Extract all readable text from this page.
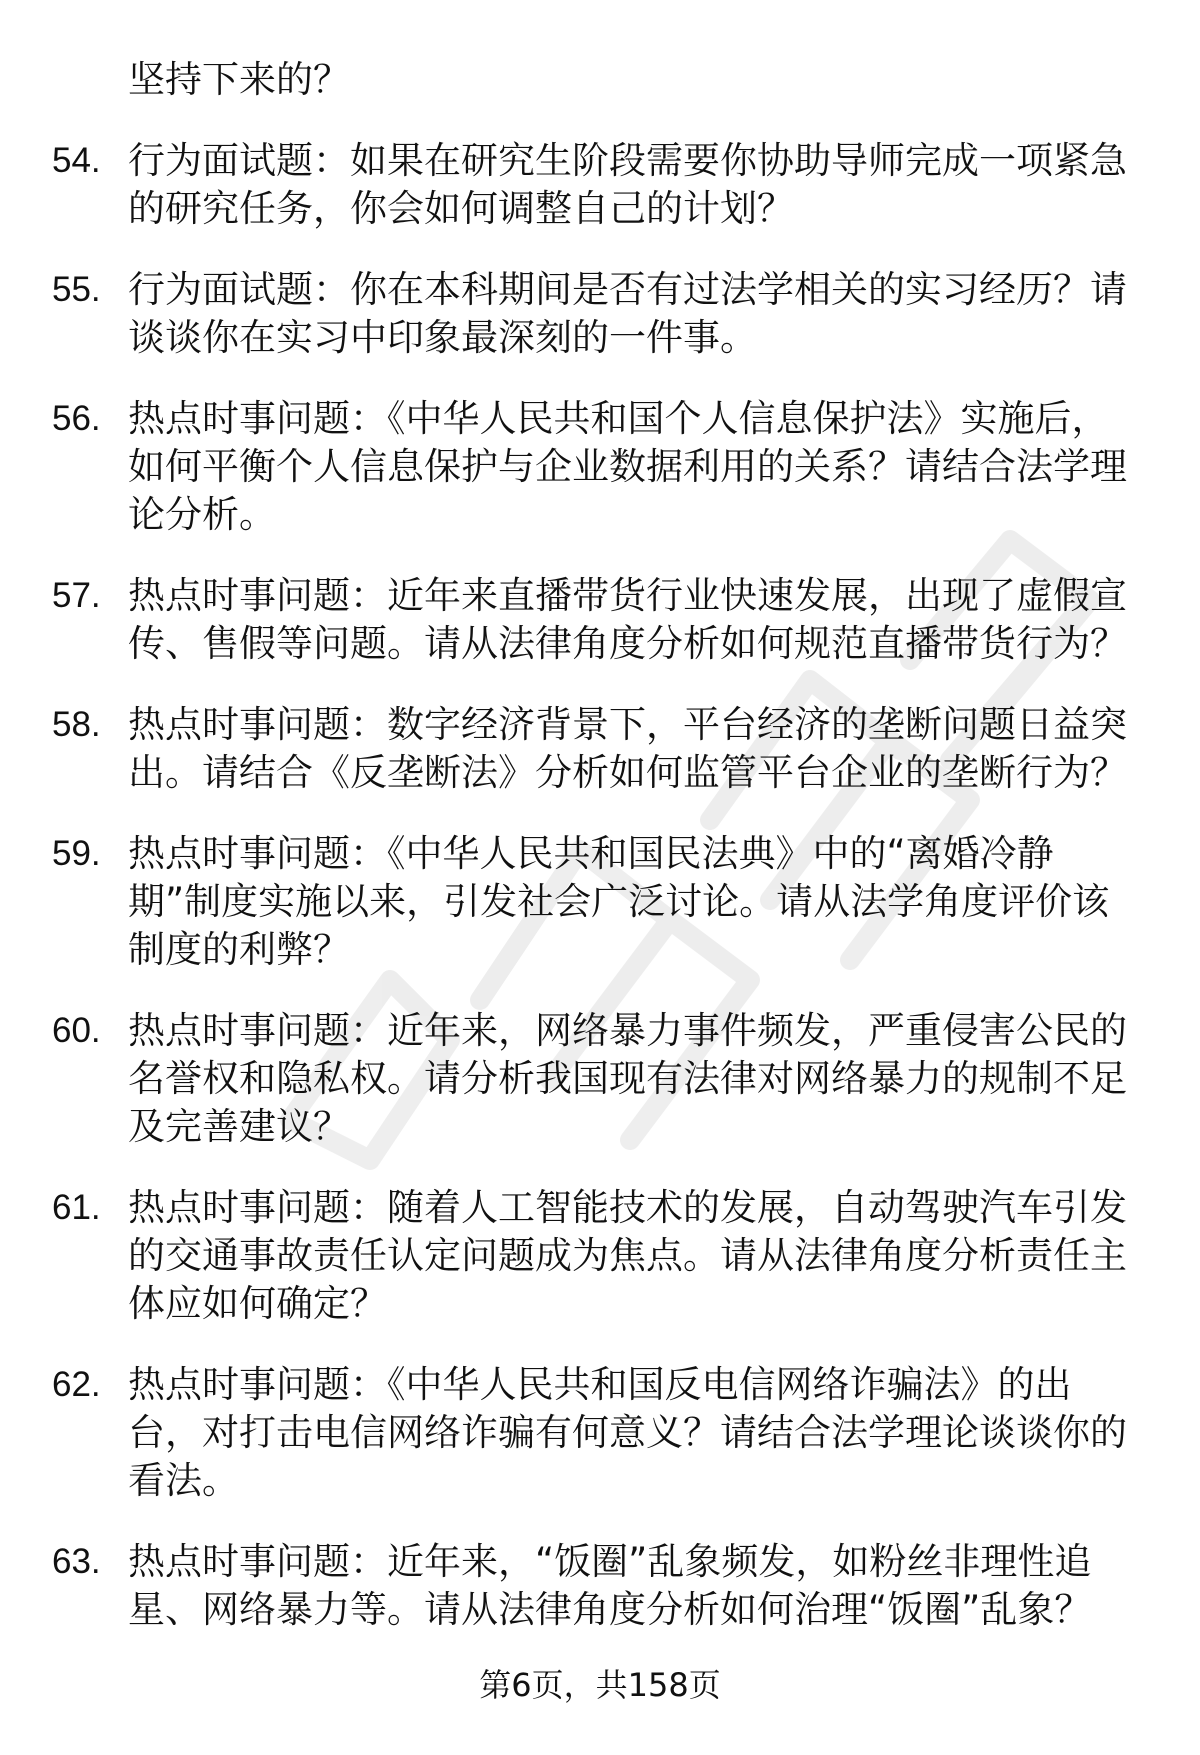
坚持下来的？
54. 行为面试题：如果在研究生阶段需要你协助导师完成一项紧急的研究任务，你会如何调整自己的计划？
55. 行为面试题：你在本科期间是否有过法学相关的实习经历？请谈谈你在实习中印象最深刻的一件事。
56. 热点时事问题：《中华人民共和国个人信息保护法》实施后，如何平衡个人信息保护与企业数据利用的关系？请结合法学理论分析。
57. 热点时事问题：近年来直播带货行业快速发展，出现了虚假宣传、售假等问题。请从法律角度分析如何规范直播带货行为？
58. 热点时事问题：数字经济背景下，平台经济的垄断问题日益突出。请结合《反垄断法》分析如何监管平台企业的垄断行为？
59. 热点时事问题：《中华人民共和国民法典》中的“离婚冷静期”制度实施以来，引发社会广泛讨论。请从法学角度评价该制度的利弊？
60. 热点时事问题：近年来，网络暴力事件频发，严重侵害公民的名誉权和隐私权。请分析我国现有法律对网络暴力的规制不足及完善建议？
61. 热点时事问题：随着人工智能技术的发展，自动驾驶汽车引发的交通事故责任认定问题成为焦点。请从法律角度分析责任主体应如何确定？
62. 热点时事问题：《中华人民共和国反电信网络诈骗法》的出台，对打击电信网络诈骗有何意义？请结合法学理论谈谈你的看法。
63. 热点时事问题：近年来，“饭圈”乱象频发，如粉丝非理性追星、网络暴力等。请从法律角度分析如何治理“饭圈”乱象？
第6页，共158页
